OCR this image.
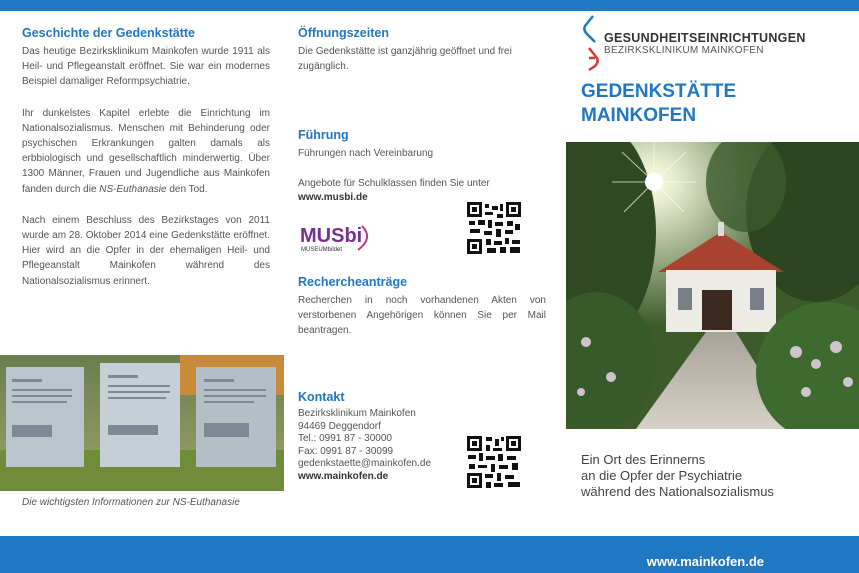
Geschichte der Gedenkstätte

Das heutige Bezirksklinikum Mainkofen wurde 1911 als Heil- und Pflegeanstalt eröffnet. Sie war ein modernes Beispiel damaliger Reformpsychiatrie.

Ihr dunkelstes Kapitel erlebte die Einrichtung im Nationalsozialismus. Menschen mit Behinderung oder psychischen Erkrankungen galten damals als erbbiologisch und gesellschaftlich minderwertig. Über 1300 Männer, Frauen und Jugendliche aus Mainkofen fanden durch die NS-Euthanasie den Tod.

Nach einem Beschluss des Bezirkstages von 2011 wurde am 28. Oktober 2014 eine Gedenkstätte eröffnet. Hier wird an die Opfer in der ehemaligen Heil- und Pflegeanstalt Mainkofen während des Nationalsozialismus erinnert.

Die wichtigsten Informationen zur NS-Euthanasie
Öffnungszeiten

Die Gedenkstätte ist ganzjährig geöffnet und frei zugänglich.

Führung

Führungen nach Vereinbarung

Angebote für Schulklassen finden Sie unter

www.musbi.de

Rechercheanträge

Recherchen in noch vorhandenen Akten von verstorbenen Angehörigen können Sie per Mail beantragen.

Kontakt

Bezirksklinikum Mainkofen

94469 Deggendorf

Tel.: 0991 87 - 30000

Fax: 0991 87 - 30099

gedenkstaette@mainkofen.de

www.mainkofen.de

MUSbi
MUSEUMbildet
GESUNDHEITSEINRICHTUNGEN
BEZIRKSKLINIKUM MAINKOFEN
GEDENKSTÄTTE
MAINKOFEN
Ein Ort des Erinnerns
an die Opfer der Psychiatrie
während des Nationalsozialismus
www.mainkofen.de
